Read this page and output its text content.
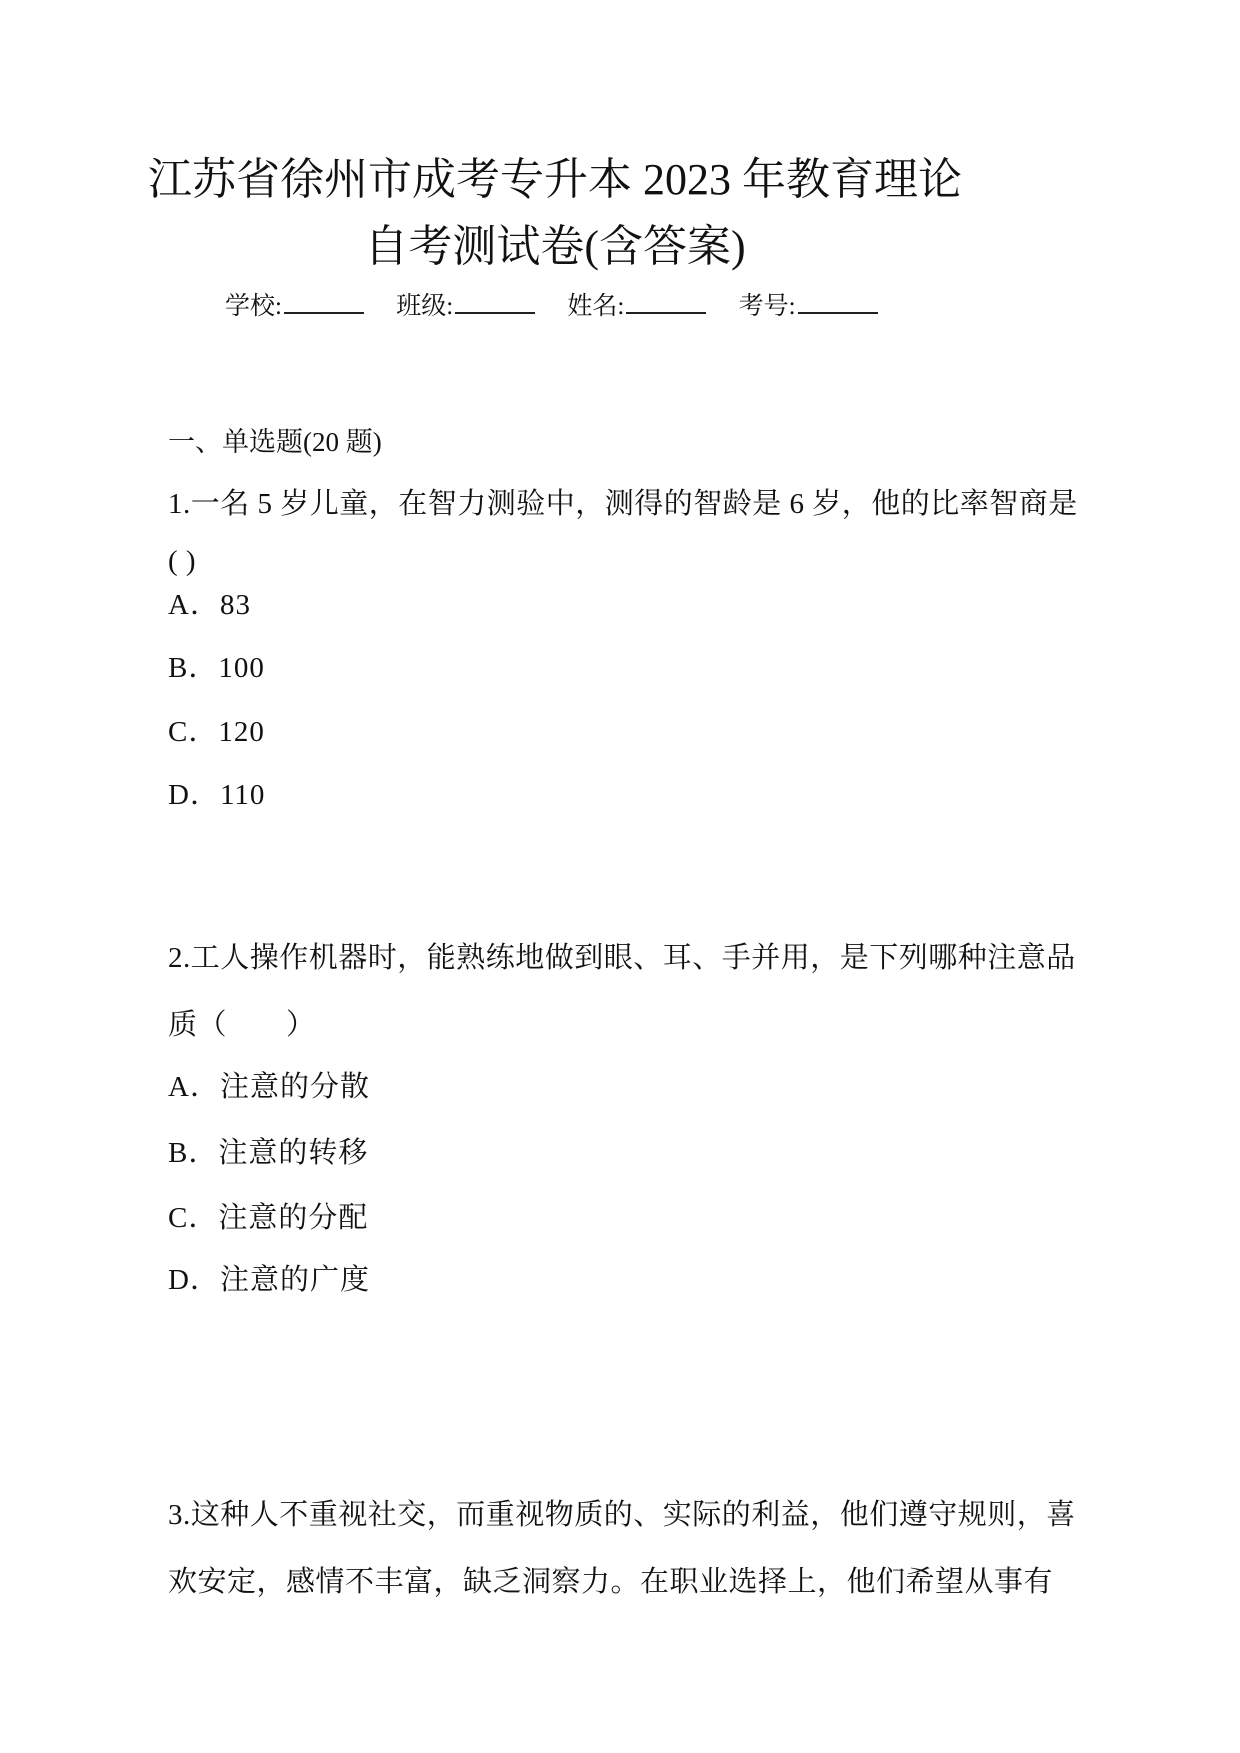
江苏省徐州市成考专升本 2023 年教育理论
自考测试卷(含答案)
学校:	班级:	姓名:	考号:
一、单选题(20 题)
1.一名 5 岁儿童，在智力测验中，测得的智龄是 6 岁，他的比率智商是
( )
A．83
B．100
C．120
D．110
2.工人操作机器时，能熟练地做到眼、耳、手并用，是下列哪种注意品
质（　　）
A．注意的分散
B．注意的转移
C．注意的分配
D．注意的广度
3.这种人不重视社交，而重视物质的、实际的利益，他们遵守规则，喜
欢安定，感情不丰富，缺乏洞察力。在职业选择上，他们希望从事有
